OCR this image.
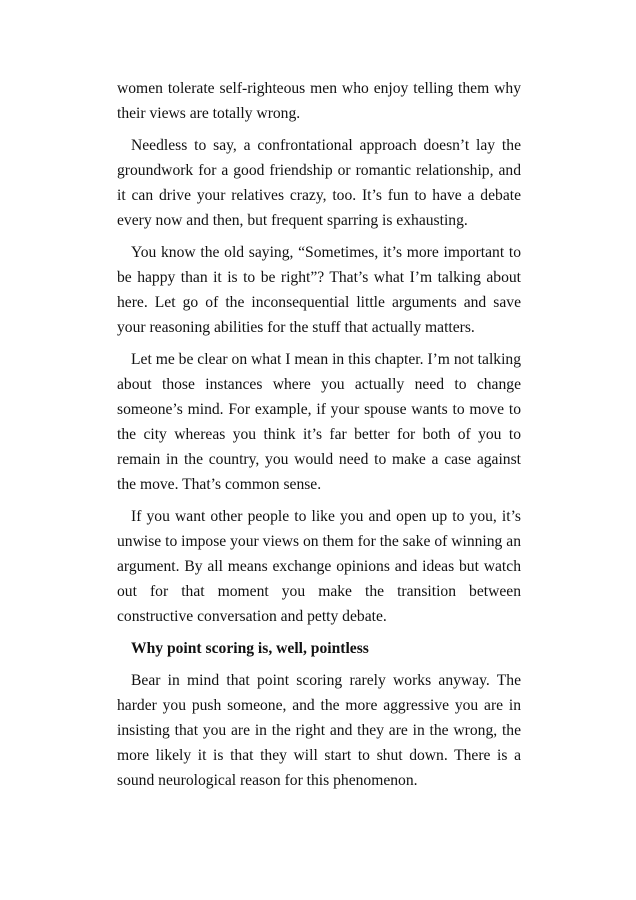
women tolerate self-righteous men who enjoy telling them why their views are totally wrong.

Needless to say, a confrontational approach doesn’t lay the groundwork for a good friendship or romantic relationship, and it can drive your relatives crazy, too. It’s fun to have a debate every now and then, but frequent sparring is exhausting.

You know the old saying, “Sometimes, it’s more important to be happy than it is to be right”? That’s what I’m talking about here. Let go of the inconsequential little arguments and save your reasoning abilities for the stuff that actually matters.

Let me be clear on what I mean in this chapter. I’m not talking about those instances where you actually need to change someone’s mind. For example, if your spouse wants to move to the city whereas you think it’s far better for both of you to remain in the country, you would need to make a case against the move. That’s common sense.

If you want other people to like you and open up to you, it’s unwise to impose your views on them for the sake of winning an argument. By all means exchange opinions and ideas but watch out for that moment you make the transition between constructive conversation and petty debate.

Why point scoring is, well, pointless

Bear in mind that point scoring rarely works anyway. The harder you push someone, and the more aggressive you are in insisting that you are in the right and they are in the wrong, the more likely it is that they will start to shut down. There is a sound neurological reason for this phenomenon.
